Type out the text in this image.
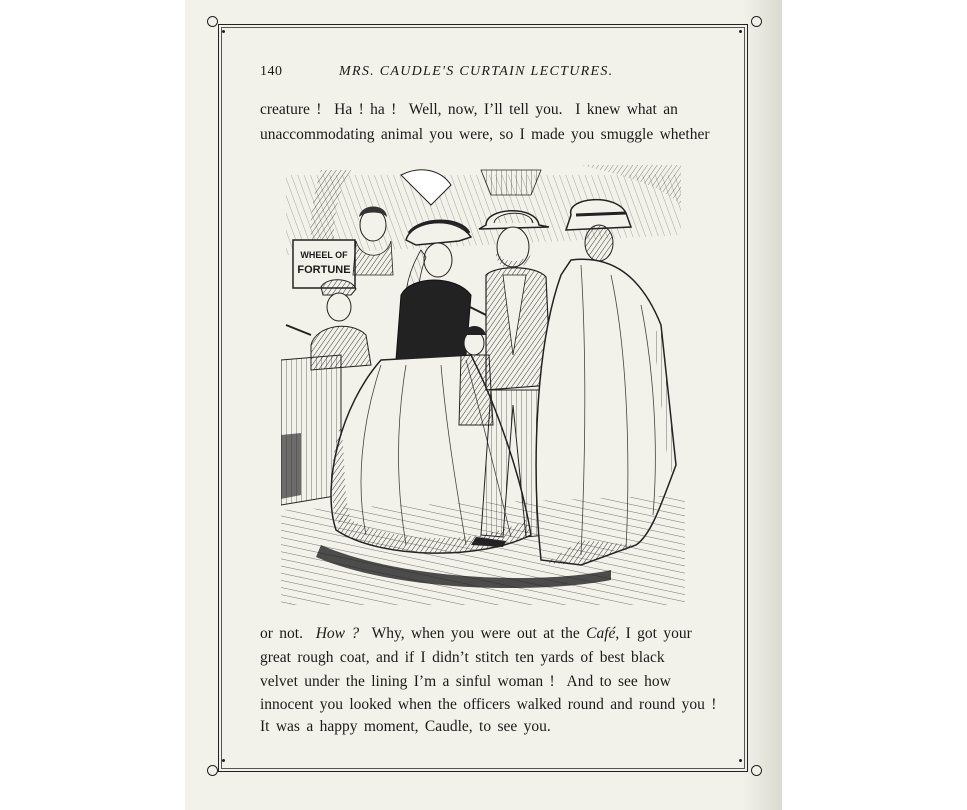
140	MRS. CAUDLE'S CURTAIN LECTURES.
creature !  Ha ! ha !  Well, now, I’ll tell you.  I knew what an
unaccommodating animal you were, so I made you smuggle whether
WHEEL OF
FORTUNE
or not.  How ?  Why, when you were out at the Café, I got your
great rough coat, and if I didn’t stitch ten yards of best black
velvet under the lining I’m a sinful woman !  And to see how
innocent you looked when the officers walked round and round you !
It was a happy moment, Caudle, to see you.
